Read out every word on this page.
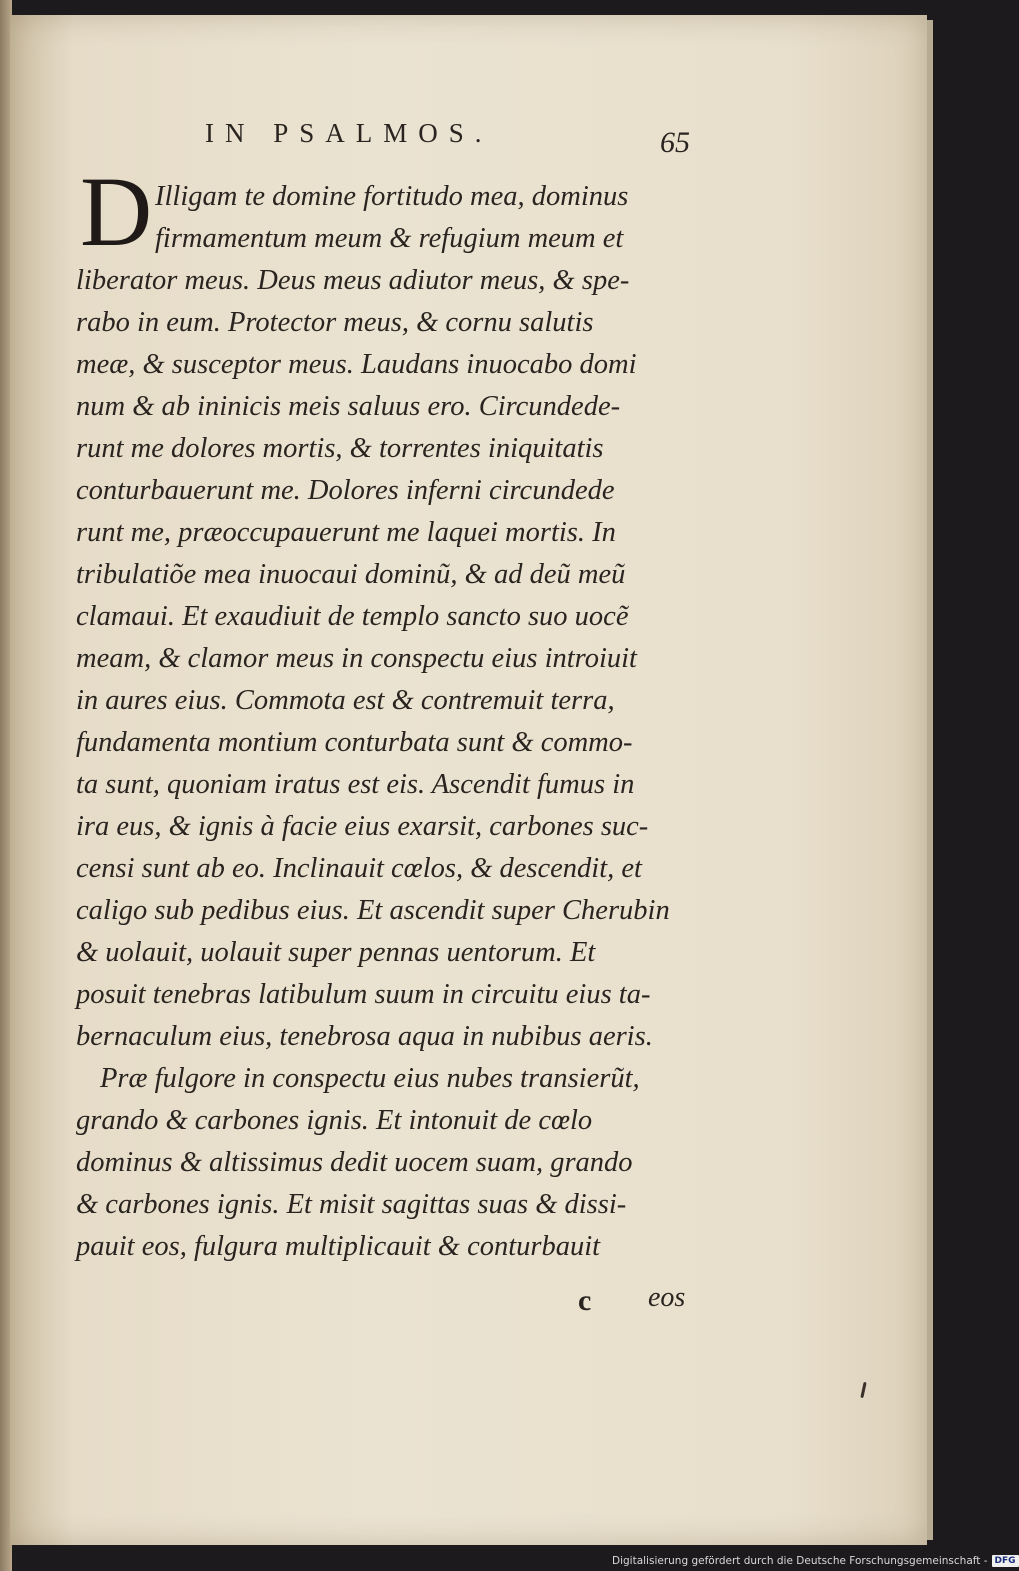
IN PSALMOS.	65
D Illigam te domine fortitudo mea, dominus
firmamentum meum & refugium meum et
liberator meus. Deus meus adiutor meus, & spe-
rabo in eum. Protector meus, & cornu salutis
meæ, & susceptor meus. Laudans inuocabo domi
num & ab ininicis meis saluus ero. Circundede-
runt me dolores mortis, & torrentes iniquitatis
conturbauerunt me. Dolores inferni circundede
runt me, præoccupauerunt me laquei mortis. In
tribulatiõe mea inuocaui dominũ, & ad deũ meũ
clamaui. Et exaudiuit de templo sancto suo uocẽ
meam, & clamor meus in conspectu eius introiuit
in aures eius. Commota est & contremuit terra,
fundamenta montium conturbata sunt & commo-
ta sunt, quoniam iratus est eis. Ascendit fumus in
ira eus, & ignis à facie eius exarsit, carbones suc-
censi sunt ab eo. Inclinauit cœlos, & descendit, et
caligo sub pedibus eius. Et ascendit super Cherubin
& uolauit, uolauit super pennas uentorum. Et
posuit tenebras latibulum suum in circuitu eius ta-
bernaculum eius, tenebrosa aqua in nubibus aeris.
Præ fulgore in conspectu eius nubes transierũt,
grando & carbones ignis. Et intonuit de cœlo
dominus & altissimus dedit uocem suam, grando
& carbones ignis. Et misit sagittas suas & dissi-
pauit eos, fulgura multiplicauit & conturbauit
c eos
Digitalisierung gefördert durch die Deutsche Forschungsgemeinschaft - DFG
